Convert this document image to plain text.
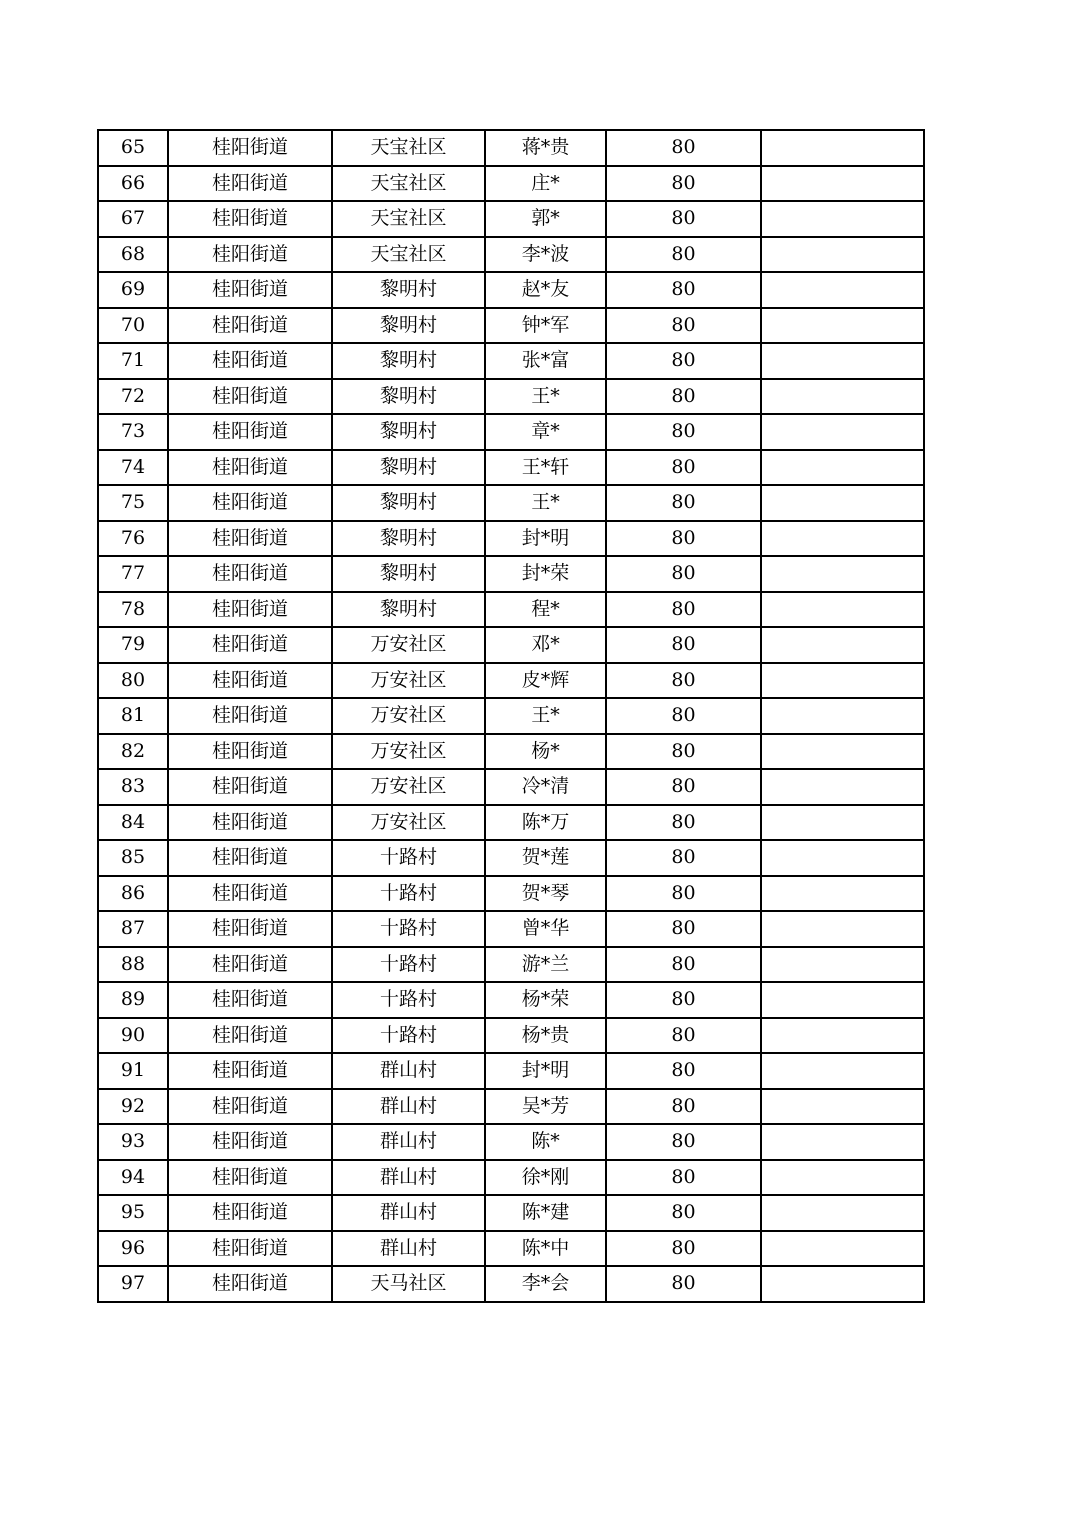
65	桂阳街道	天宝社区	蒋*贵	80	
66	桂阳街道	天宝社区	庄*	80	
67	桂阳街道	天宝社区	郭*	80	
68	桂阳街道	天宝社区	李*波	80	
69	桂阳街道	黎明村	赵*友	80	
70	桂阳街道	黎明村	钟*军	80	
71	桂阳街道	黎明村	张*富	80	
72	桂阳街道	黎明村	王*	80	
73	桂阳街道	黎明村	章*	80	
74	桂阳街道	黎明村	王*轩	80	
75	桂阳街道	黎明村	王*	80	
76	桂阳街道	黎明村	封*明	80	
77	桂阳街道	黎明村	封*荣	80	
78	桂阳街道	黎明村	程*	80	
79	桂阳街道	万安社区	邓*	80	
80	桂阳街道	万安社区	皮*辉	80	
81	桂阳街道	万安社区	王*	80	
82	桂阳街道	万安社区	杨*	80	
83	桂阳街道	万安社区	冷*清	80	
84	桂阳街道	万安社区	陈*万	80	
85	桂阳街道	十路村	贺*莲	80	
86	桂阳街道	十路村	贺*琴	80	
87	桂阳街道	十路村	曾*华	80	
88	桂阳街道	十路村	游*兰	80	
89	桂阳街道	十路村	杨*荣	80	
90	桂阳街道	十路村	杨*贵	80	
91	桂阳街道	群山村	封*明	80	
92	桂阳街道	群山村	吴*芳	80	
93	桂阳街道	群山村	陈*	80	
94	桂阳街道	群山村	徐*刚	80	
95	桂阳街道	群山村	陈*建	80	
96	桂阳街道	群山村	陈*中	80	
97	桂阳街道	天马社区	李*会	80	
